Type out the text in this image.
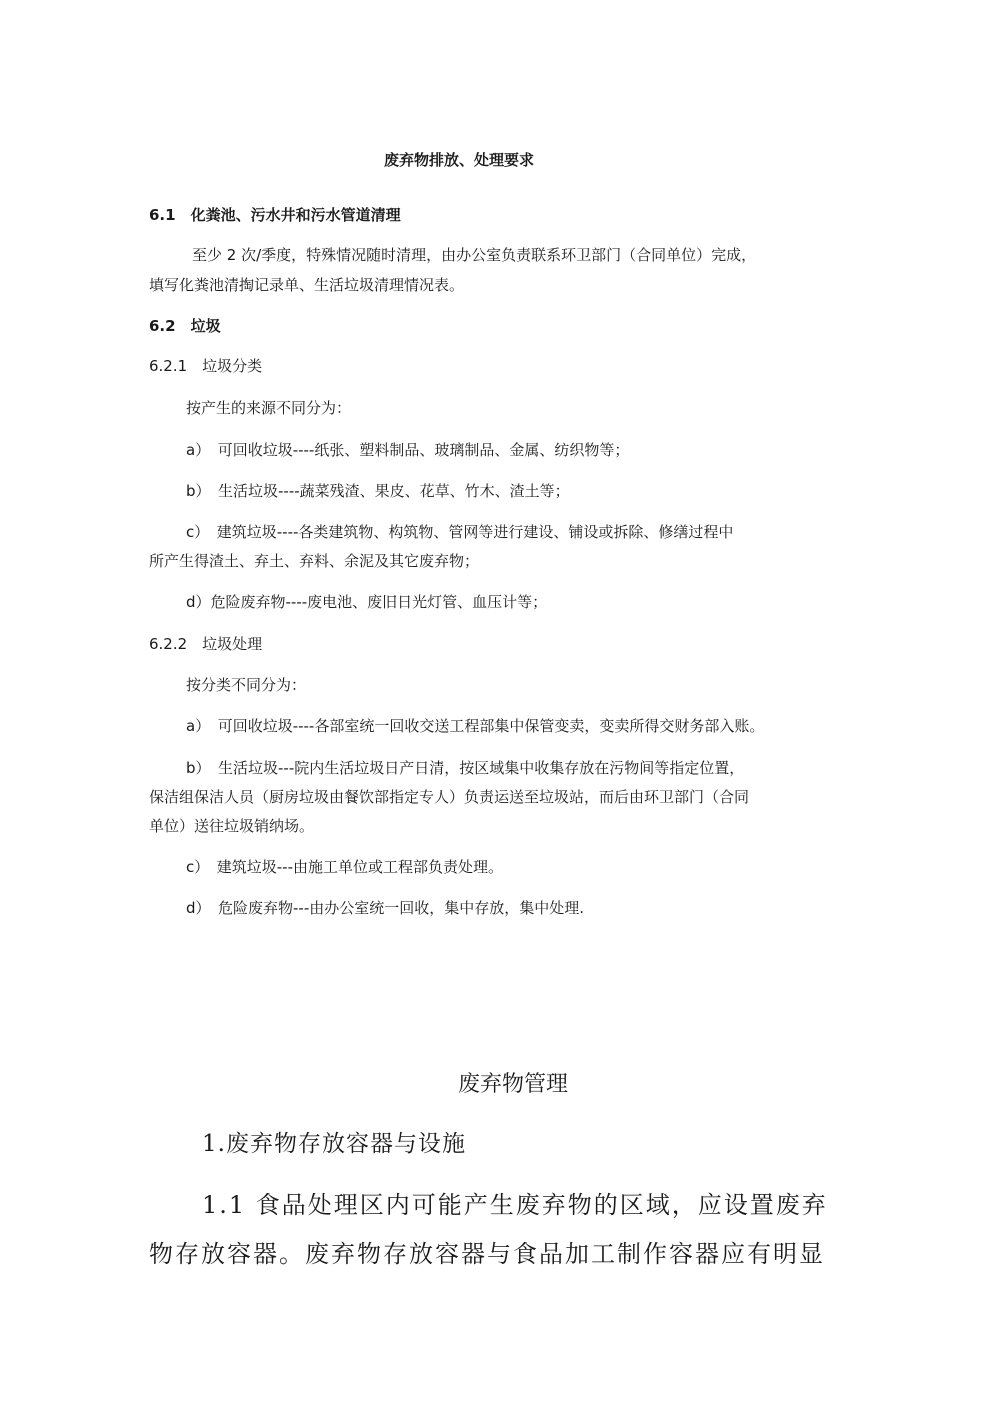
废弃物排放、处理要求
6.1　化粪池、污水井和污水管道清理
至少 2 次/季度，特殊情况随时清理，由办公室负责联系环卫部门（合同单位）完成，
填写化粪池清掏记录单、生活垃圾清理情况表。
6.2　垃圾
6.2.1　垃圾分类
按产生的来源不同分为：
a）　可回收垃圾----纸张、塑料制品、玻璃制品、金属、纺织物等；
b）　生活垃圾----蔬菜残渣、果皮、花草、竹木、渣土等；
c）　建筑垃圾----各类建筑物、构筑物、管网等进行建设、铺设或拆除、修缮过程中
所产生得渣土、弃土、弃料、余泥及其它废弃物；
d）危险废弃物----废电池、废旧日光灯管、血压计等；
6.2.2　垃圾处理
按分类不同分为：
a）　可回收垃圾----各部室统一回收交送工程部集中保管变卖，变卖所得交财务部入账。
b）　生活垃圾---院内生活垃圾日产日清，按区域集中收集存放在污物间等指定位置，
保洁组保洁人员（厨房垃圾由餐饮部指定专人）负责运送至垃圾站，而后由环卫部门（合同
单位）送往垃圾销纳场。
c）　建筑垃圾---由施工单位或工程部负责处理。
d）　危险废弃物---由办公室统一回收，集中存放，集中处理.
废弃物管理
1.废弃物存放容器与设施
1.1 食品处理区内可能产生废弃物的区域，应设置废弃
物存放容器。废弃物存放容器与食品加工制作容器应有明显
